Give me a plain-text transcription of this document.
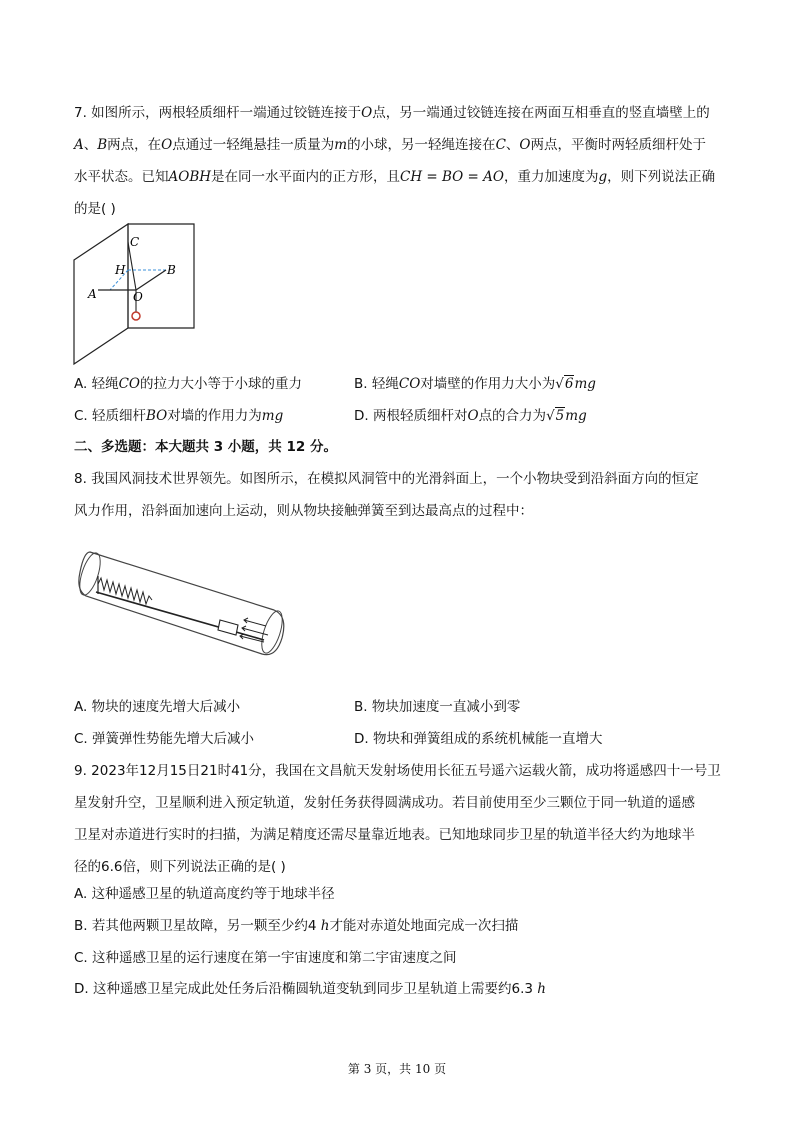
7. 如图所示，两根轻质细杆一端通过铰链连接于O点，另一端通过铰链连接在两面互相垂直的竖直墙壁上的
A、B两点，在O点通过一轻绳悬挂一质量为m的小球，另一轻绳连接在C、O两点，平衡时两轻质细杆处于
水平状态。已知AOBH是在同一水平面内的正方形，且CH = BO = AO，重力加速度为g，则下列说法正确
的是( )
C
H	B
A	O
A. 轻绳CO的拉力大小等于小球的重力	B. 轻绳CO对墙壁的作用力大小为√6mg
C. 轻质细杆BO对墙的作用力为mg	D. 两根轻质细杆对O点的合力为√5mg
二、多选题：本大题共 3 小题，共 12 分。
8. 我国风洞技术世界领先。如图所示，在模拟风洞管中的光滑斜面上，一个小物块受到沿斜面方向的恒定
风力作用，沿斜面加速向上运动，则从物块接触弹簧至到达最高点的过程中：
A. 物块的速度先增大后减小	B. 物块加速度一直减小到零
C. 弹簧弹性势能先增大后减小	D. 物块和弹簧组成的系统机械能一直增大
9. 2023年12月15日21时41分，我国在文昌航天发射场使用长征五号遥六运载火箭，成功将遥感四十一号卫
星发射升空，卫星顺利进入预定轨道，发射任务获得圆满成功。若目前使用至少三颗位于同一轨道的遥感
卫星对赤道进行实时的扫描，为满足精度还需尽量靠近地表。已知地球同步卫星的轨道半径大约为地球半
径的6.6倍，则下列说法正确的是( )
A. 这种遥感卫星的轨道高度约等于地球半径
B. 若其他两颗卫星故障，另一颗至少约4 h才能对赤道处地面完成一次扫描
C. 这种遥感卫星的运行速度在第一宇宙速度和第二宇宙速度之间
D. 这种遥感卫星完成此处任务后沿椭圆轨道变轨到同步卫星轨道上需要约6.3 h
第 3 页，共 10 页
